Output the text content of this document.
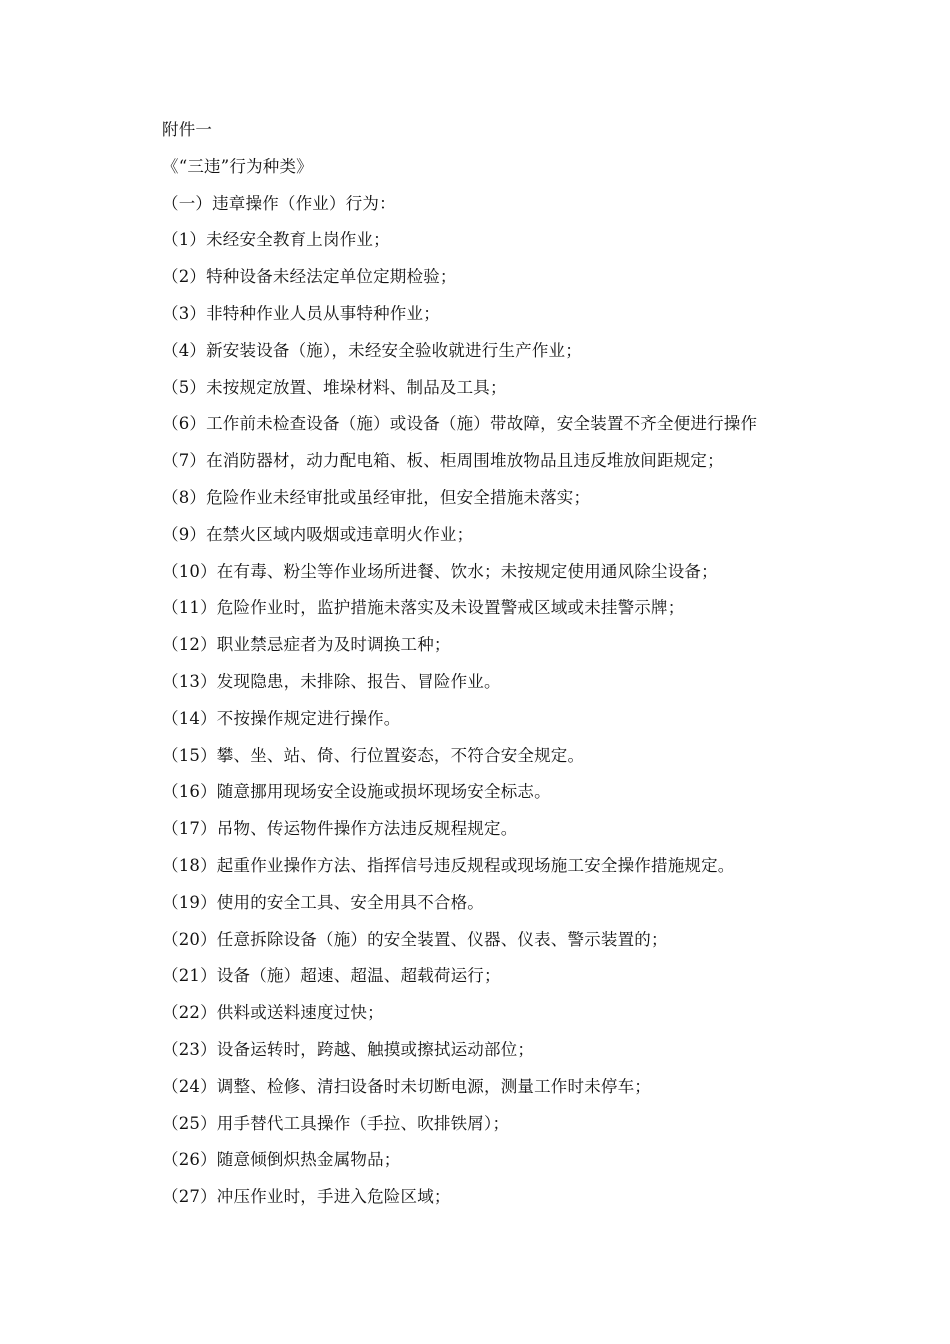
附件一
《“三违”行为种类》
（一）违章操作（作业）行为：
（1）未经安全教育上岗作业；
（2）特种设备未经法定单位定期检验；
（3）非特种作业人员从事特种作业；
（4）新安装设备（施），未经安全验收就进行生产作业；
（5）未按规定放置、堆垛材料、制品及工具；
（6）工作前未检查设备（施）或设备（施）带故障，安全装置不齐全便进行操作
（7）在消防器材，动力配电箱、板、柜周围堆放物品且违反堆放间距规定；
（8）危险作业未经审批或虽经审批，但安全措施未落实；
（9）在禁火区域内吸烟或违章明火作业；
（10）在有毒、粉尘等作业场所进餐、饮水；未按规定使用通风除尘设备；
（11）危险作业时，监护措施未落实及未设置警戒区域或未挂警示牌；
（12）职业禁忌症者为及时调换工种；
（13）发现隐患，未排除、报告、冒险作业。
（14）不按操作规定进行操作。
（15）攀、坐、站、倚、行位置姿态，不符合安全规定。
（16）随意挪用现场安全设施或损坏现场安全标志。
（17）吊物、传运物件操作方法违反规程规定。
（18）起重作业操作方法、指挥信号违反规程或现场施工安全操作措施规定。
（19）使用的安全工具、安全用具不合格。
（20）任意拆除设备（施）的安全装置、仪器、仪表、警示装置的；
（21）设备（施）超速、超温、超载荷运行；
（22）供料或送料速度过快；
（23）设备运转时，跨越、触摸或擦拭运动部位；
（24）调整、检修、清扫设备时未切断电源，测量工作时未停车；
（25）用手替代工具操作（手拉、吹排铁屑）；
（26）随意倾倒炽热金属物品；
（27）冲压作业时，手进入危险区域；
